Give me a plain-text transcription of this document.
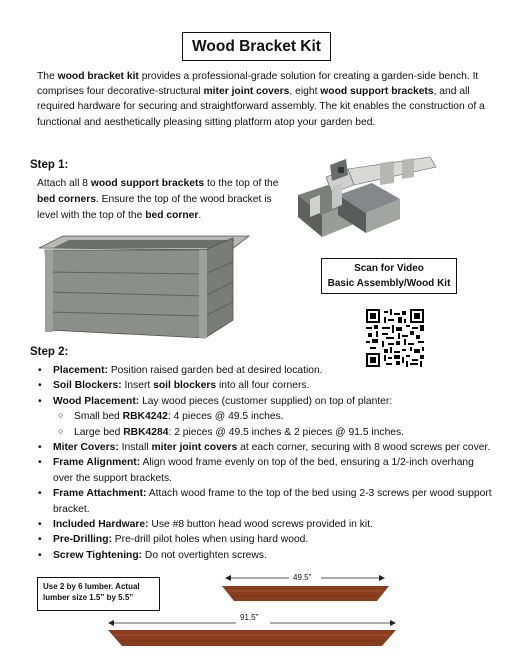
Wood Bracket Kit

The wood bracket kit provides a professional-grade solution for creating a garden-side bench. It comprises four decorative-structural miter joint covers, eight wood support brackets, and all required hardware for securing and straightforward assembly. The kit enables the construction of a functional and aesthetically pleasing sitting platform atop your garden bed.

Step 1:

Attach all 8 wood support brackets to the top of the bed corners. Ensure the top of the wood bracket is level with the top of the bed corner.

Scan for Video
Basic Assembly/Wood Kit
Step 2:
• Placement: Position raised garden bed at desired location.
• Soil Blockers: Insert soil blockers into all four corners.
• Wood Placement: Lay wood pieces (customer supplied) on top of planter:
○ Small bed RBK4242: 4 pieces @ 49.5 inches.
○ Large bed RBK4284: 2 pieces @ 49.5 inches & 2 pieces @ 91.5 inches.
• Miter Covers: Install miter joint covers at each corner, securing with 8 wood screws per cover.
• Frame Alignment: Align wood frame evenly on top of the bed, ensuring a 1/2-inch overhang over the support brackets.
• Frame Attachment: Attach wood frame to the top of the bed using 2-3 screws per wood support bracket.
• Included Hardware: Use #8 button head wood screws provided in kit.
• Pre-Drilling: Pre-drill pilot holes when using hard wood.
• Screw Tightening: Do not overtighten screws.
Use 2 by 6 lumber. Actual lumber size 1.5” by 5.5”
49.5”
91.5”
